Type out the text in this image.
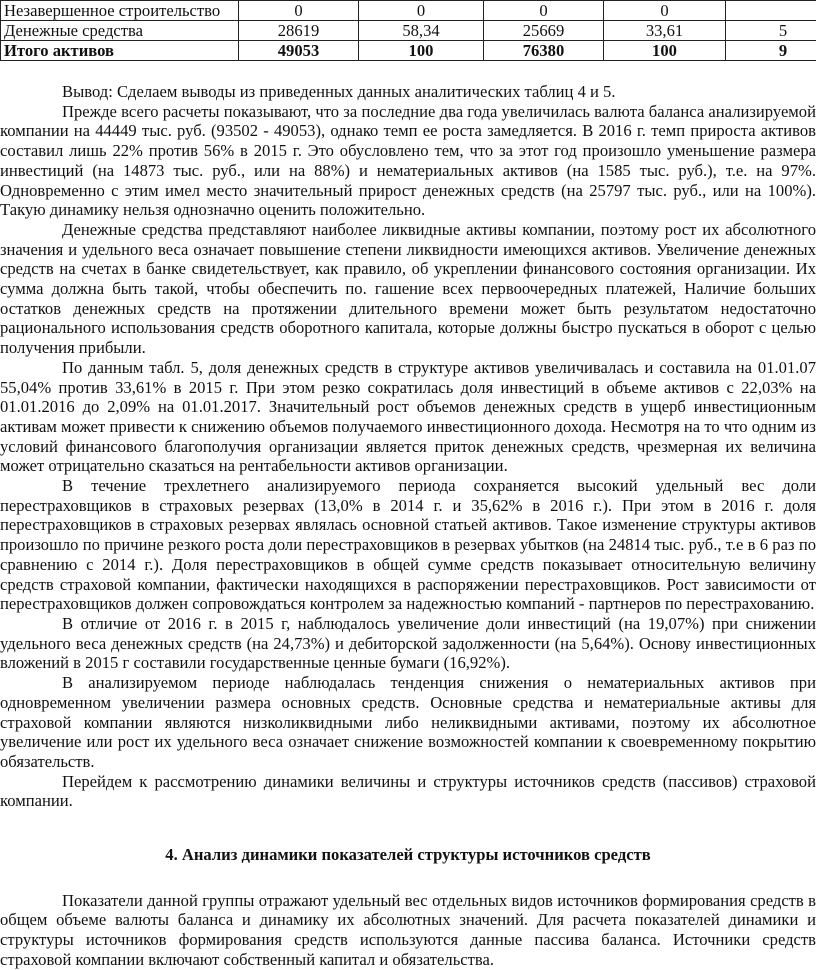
Незавершенное строительство	0	0	0	0	
Денежные средства	28619	58,34	25669	33,61	5
Итого активов	49053	100	76380	100	9

Вывод: Сделаем выводы из приведенных данных аналитических таблиц 4 и 5.

Прежде всего расчеты показывают, что за последние два года увеличилась валюта баланса анализируемой компании на 44449 тыс. руб. (93502 - 49053), однако темп ее роста замедляется. В 2016 г. темп прироста активов составил лишь 22% против 56% в 2015 г. Это обусловлено тем, что за этот год произошло уменьшение размера инвестиций (на 14873 тыс. руб., или на 88%) и нематериальных активов (на 1585 тыс. руб.), т.е. на 97%. Одновременно с этим имел место значительный прирост денежных средств (на 25797 тыс. руб., или на 100%). Такую динамику нельзя однозначно оценить положительно.

Денежные средства представляют наиболее ликвидные активы компании, поэтому рост их абсолютного значения и удельного веса означает повышение степени ликвидности имеющихся активов. Увеличение денежных средств на счетах в банке свидетельствует, как правило, об укреплении финансового состояния организации. Их сумма должна быть такой, чтобы обеспечить по. гашение всех первоочередных платежей, Наличие больших остатков денежных средств на протяжении длительного времени может быть результатом недостаточно рационального использования средств оборотного капитала, которые должны быстро пускаться в оборот с целью получения прибыли.

По данным табл. 5, доля денежных средств в структуре активов увеличивалась и составила на 01.01.07 55,04% против 33,61% в 2015 г. При этом резко сократилась доля инвестиций в объеме активов с 22,03% на 01.01.2016 до 2,09% на 01.01.2017. Значительный рост объемов денежных средств в ущерб инвестиционным активам может привести к снижению объемов получаемого инвестиционного дохода. Несмотря на то что одним из условий финансового благополучия организации является приток денежных средств, чрезмерная их величина может отрицательно сказаться на рентабельности активов организации.

В течение трехлетнего анализируемого периода сохраняется высокий удельный вес доли перестраховщиков в страховых резервах (13,0% в 2014 г. и 35,62% в 2016 г.). При этом в 2016 г. доля перестраховщиков в страховых резервах являлась основной статьей активов. Такое изменение структуры активов произошло по причине резкого роста доли перестраховщиков в резервах убытков (на 24814 тыс. руб., т.е в 6 раз по сравнению с 2014 г.). Доля перестраховщиков в общей сумме средств показывает относительную величину средств страховой компании, фактически находящихся в распоряжении перестраховщиков. Рост зависимости от перестраховщиков должен сопровождаться контролем за надежностью компаний - партнеров по перестрахованию.

В отличие от 2016 г. в 2015 г, наблюдалось увеличение доли инвестиций (на 19,07%) при снижении удельного веса денежных средств (на 24,73%) и дебиторской задолженности (на 5,64%). Основу инвестиционных вложений в 2015 г составили государственные ценные бумаги (16,92%).

В анализируемом периоде наблюдалась тенденция снижения о нематериальных активов при одновременном увеличении размера основных средств. Основные средства и нематериальные активы для страховой компании являются низколиквидными либо неликвидными активами, поэтому их абсолютное увеличение или рост их удельного веса означает снижение возможностей компании к своевременному покрытию обязательств.

Перейдем к рассмотрению динамики величины и структуры источников средств (пассивов) страховой компании.

4. Анализ динамики показателей структуры источников средств

Показатели данной группы отражают удельный вес отдельных видов источников формирования средств в общем объеме валюты баланса и динамику их абсолютных значений. Для расчета показателей динамики и структуры источников формирования средств используются данные пассива баланса. Источники средств страховой компании включают собственный капитал и обязательства.
